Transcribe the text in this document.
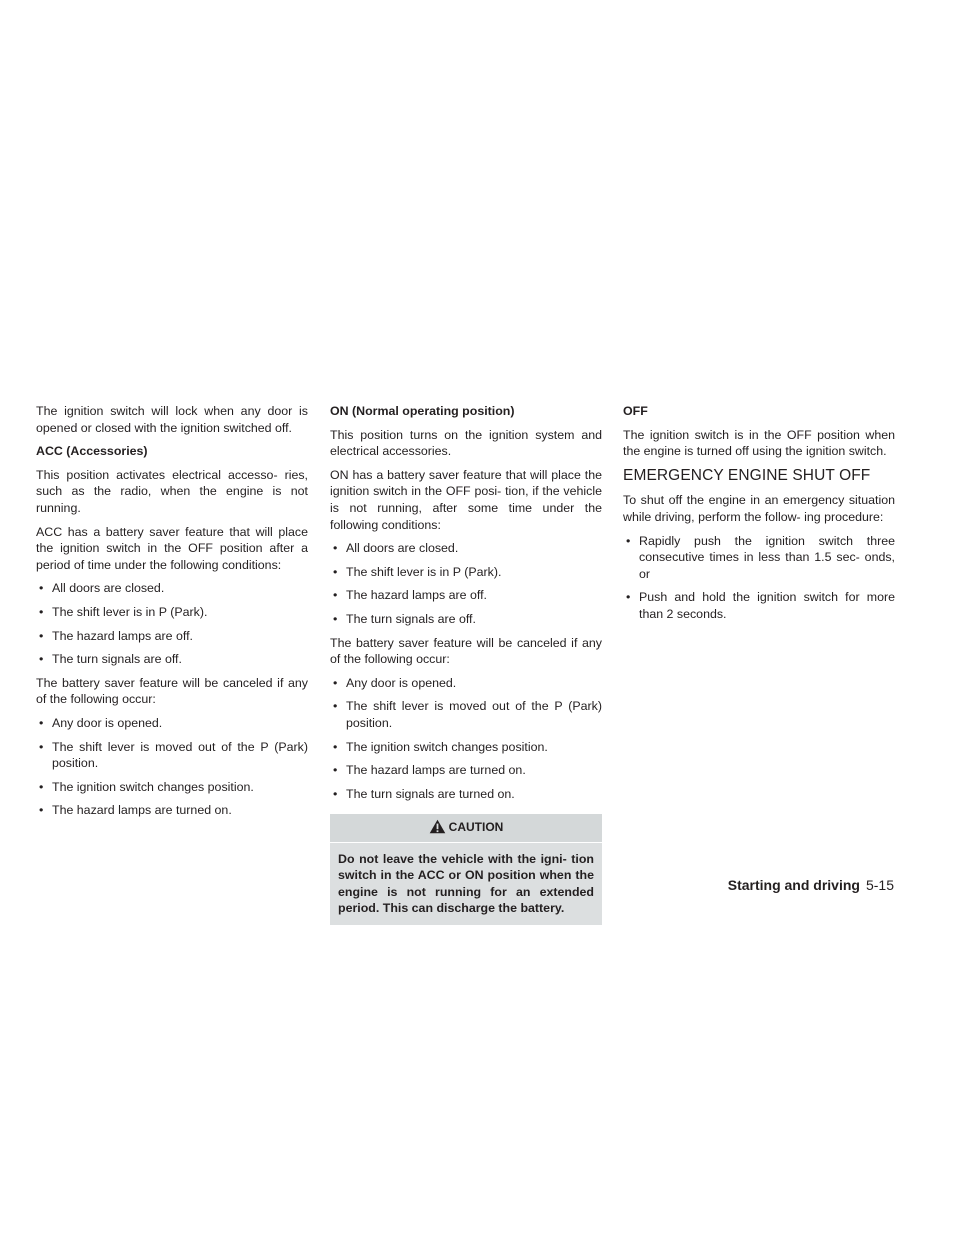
The ignition switch will lock when any door is opened or closed with the ignition switched off.

ACC (Accessories)

This position activates electrical accesso- ries, such as the radio, when the engine is not running.

ACC has a battery saver feature that will place the ignition switch in the OFF position after a period of time under the following conditions:

• All doors are closed.
• The shift lever is in P (Park).
• The hazard lamps are off.
• The turn signals are off.

The battery saver feature will be canceled if any of the following occur:

• Any door is opened.
• The shift lever is moved out of the P (Park) position.
• The ignition switch changes position.
• The hazard lamps are turned on.

ON (Normal operating position)

This position turns on the ignition system and electrical accessories.

ON has a battery saver feature that will place the ignition switch in the OFF posi- tion, if the vehicle is not running, after some time under the following conditions:

• All doors are closed.
• The shift lever is in P (Park).
• The hazard lamps are off.
• The turn signals are off.

The battery saver feature will be canceled if any of the following occur:

• Any door is opened.
• The shift lever is moved out of the P (Park) position.
• The ignition switch changes position.
• The hazard lamps are turned on.
• The turn signals are turned on.
CAUTION

Do not leave the vehicle with the igni- tion switch in the ACC or ON position when the engine is not running for an extended period. This can discharge the battery.

OFF

The ignition switch is in the OFF position when the engine is turned off using the ignition switch.

EMERGENCY ENGINE SHUT OFF

To shut off the engine in an emergency situation while driving, perform the follow- ing procedure:

• Rapidly push the ignition switch three consecutive times in less than 1.5 sec- onds, or
• Push and hold the ignition switch for more than 2 seconds.
Starting and driving 5-15
